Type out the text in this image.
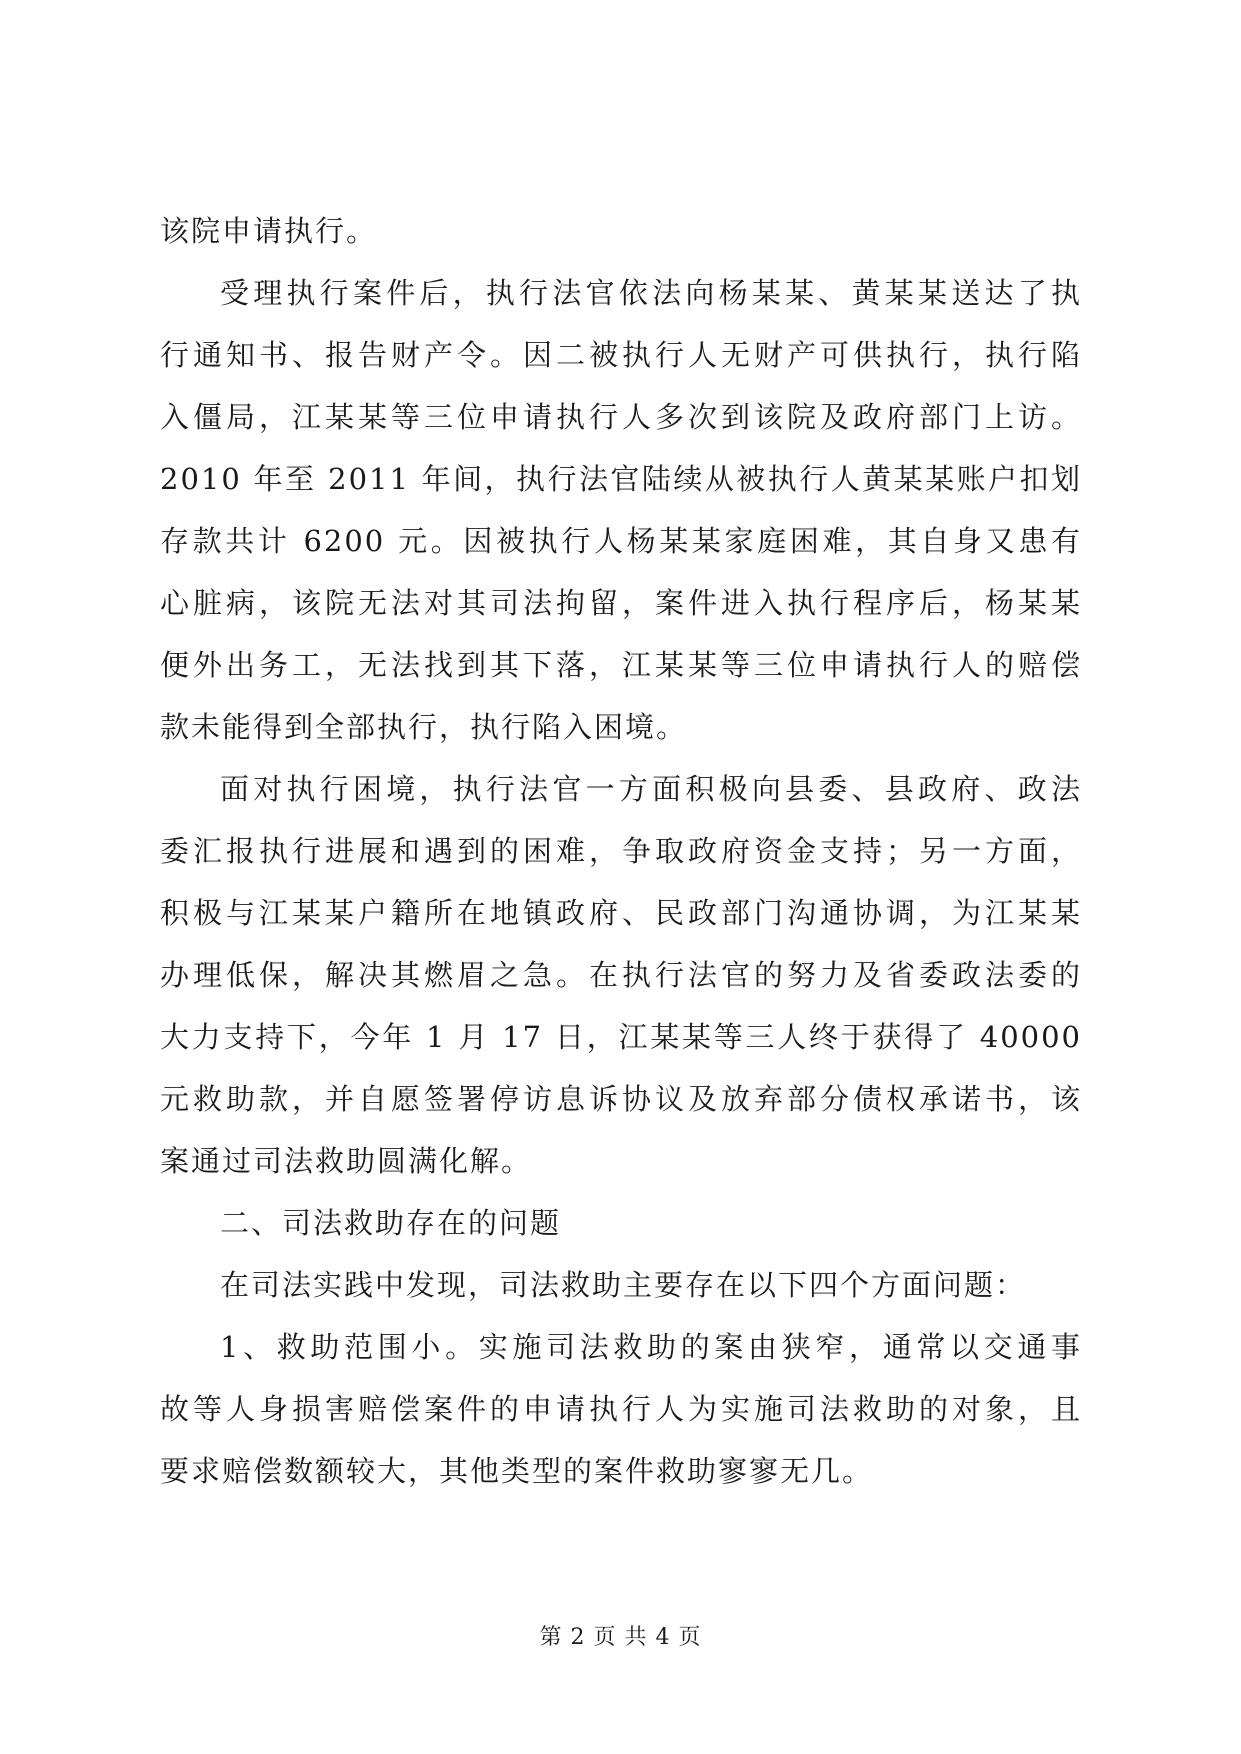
该院申请执行。

受理执行案件后，执行法官依法向杨某某、黄某某送达了执
行通知书、报告财产令。因二被执行人无财产可供执行，执行陷
入僵局，江某某等三位申请执行人多次到该院及政府部门上访。
2010 年至 2011 年间，执行法官陆续从被执行人黄某某账户扣划
存款共计 6200 元。因被执行人杨某某家庭困难，其自身又患有
心脏病，该院无法对其司法拘留，案件进入执行程序后，杨某某
便外出务工，无法找到其下落，江某某等三位申请执行人的赔偿
款未能得到全部执行，执行陷入困境。

面对执行困境，执行法官一方面积极向县委、县政府、政法
委汇报执行进展和遇到的困难，争取政府资金支持；另一方面，
积极与江某某户籍所在地镇政府、民政部门沟通协调，为江某某
办理低保，解决其燃眉之急。在执行法官的努力及省委政法委的
大力支持下，今年 1 月 17 日，江某某等三人终于获得了 40000
元救助款，并自愿签署停访息诉协议及放弃部分债权承诺书，该
案通过司法救助圆满化解。

二、司法救助存在的问题

在司法实践中发现，司法救助主要存在以下四个方面问题：

1、救助范围小。实施司法救助的案由狭窄，通常以交通事
故等人身损害赔偿案件的申请执行人为实施司法救助的对象，且
要求赔偿数额较大，其他类型的案件救助寥寥无几。

第 2 页 共 4 页
